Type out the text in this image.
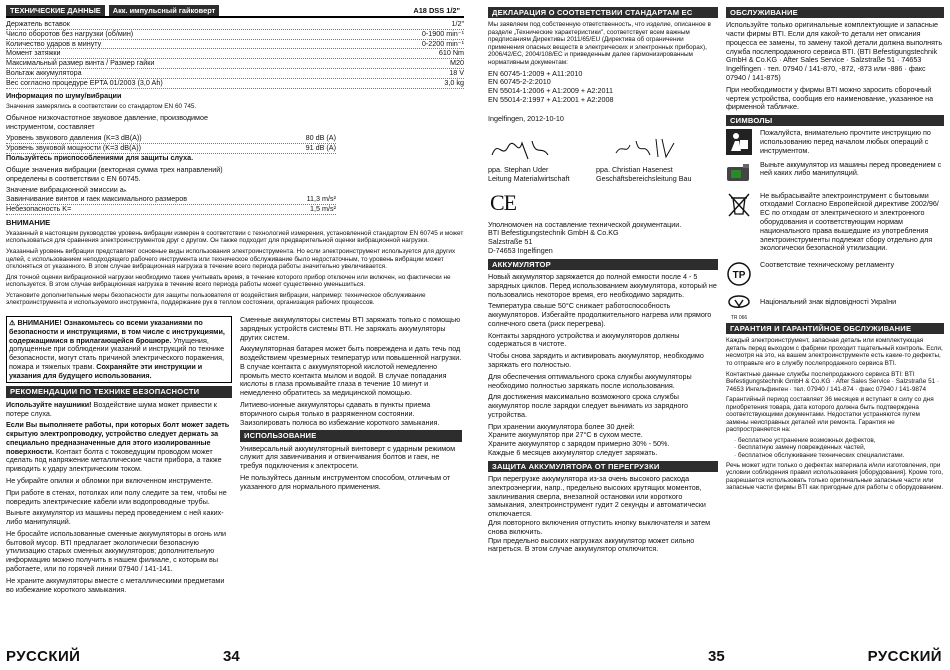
ТЕХНИЧЕСКИЕ ДАННЫЕ	Акк. импульсный гайковерт	A18 DSS 1/2"
Держатель вставок	1/2"
Число оборотов без нагрузки (об/мин)	0-1900 min⁻¹
Количество ударов в минуту	0-2200 min⁻¹
Момент затяжки	610 Nm
Максимальный размер винта / Размер гайки	M20
Вольтаж аккумулятора	18 V
Вес согласно процедуре EPTA 01/2003 (3,0 Ah)	3,0 kg
Информация по шуму/вибрации
Значения замерялись в соответствии со стандартом EN 60 745.
Обычное низкочастотное звуковое давление, производимое инструментом, составляет
Уровень звукового давления (K=3 dB(A))	80 dB (A)
Уровень звуковой мощности (K=3 dB(A))	91 dB (A)
Пользуйтесь приспособлениями для защиты слуха.
Общие значения вибрации (векторная сумма трех направлений) определены в соответствии с EN 60745.
Значение вибрационной эмиссии aₕ
Завинчивание винтов и гаек максимального размеров	11,3 m/s²
Небезопасность K=	1,5 m/s²
ВНИМАНИЕ
Указанный в настоящем руководстве уровень вибрации измерен в соответствии с технологией измерения, установленной стандартом EN 60745 и может использоваться для сравнения электроинструментов друг с другом. Он также подходит для предварительной оценки вибрационной нагрузки.
Указанный уровень вибрации представляет основные виды использования электроинструмента. Но если электроинструмент используется для других целей, с использованием неподходящего рабочего инструмента или техническое обслуживание было недостаточным, то уровень вибрации может отклоняться от указанного. В этом случае вибрационная нагрузка в течение всего периода работы значительно увеличивается.
Для точной оценки вибрационной нагрузки необходимо также учитывать время, в течение которого прибор отключен или включен, но фактически не используется. В этом случае вибрационная нагрузка в течение всего периода работы может существенно уменьшиться.
Установите дополнительные меры безопасности для защиты пользователя от воздействия вибрации, например: техническое обслуживание электроинструмента и используемого инструмента, поддержание рук в теплом состоянии, организация рабочих процессов.
⚠ ВНИМАНИЕ! Ознакомьтесь со всеми указаниями по безопасности и инструкциями, в том числе с инструкциями, содержащимися в прилагающейся брошюре. Упущения, допущенные при соблюдении указаний и инструкций по технике безопасности, могут стать причиной электрического поражения, пожара и тяжелых травм. Сохраняйте эти инструкции и указания для будущего использования.
РЕКОМЕНДАЦИИ ПО ТЕХНИКЕ БЕЗОПАСНОСТИ
Используйте наушники! Воздействие шума может привести к потере слуха.
Если Вы выполняете работы, при которых болт может задеть скрытую электропроводку, устройство следует держать за специально предназначенные для этого изолированные поверхности. Контакт болта с токоведущим проводом может сделать под напряжение металлические части прибора, а также приводить к удару электрическим током.
Не убирайте опилки и обломки при включенном инструменте.
При работе в стенах, потолках или полу следите за тем, чтобы не повредить электрические кабели или водопроводные трубы.
Выньте аккумулятор из машины перед проведением с ней каких-либо манипуляций.
Не бросайте использованные сменные аккумуляторы в огонь или бытовой мусор. BTI предлагает экологически безопасную утилизацию старых сменных аккумуляторов; дополнительную информацию можно получить в нашем филиале, с которым вы работаете, или по горячей линии 07940 / 141-141.
Не храните аккумуляторы вместе с металлическими предметами во избежание короткого замыкания.
Сменные аккумуляторы системы BTI заряжать только с помощью зарядных устройств системы BTI. Не заряжать аккумуляторы других систем.
Аккумуляторная батарея может быть повреждена и дать течь под воздействием чрезмерных температур или повышенной нагрузки. В случае контакта с аккумуляторной кислотой немедленно промыть место контакта мылом и водой. В случае попадания кислоты в глаза промывайте глаза в течение 10 минут и немедленно обратитесь за медицинской помощью.
Литиево-ионные аккумуляторы сдавать в пункты приема вторичного сырья только в разряженном состоянии. Заизолировать полюса во избежание короткого замыкания.
ИСПОЛЬЗОВАНИЕ
Универсальный аккумуляторный винтоверт с ударным режимом служит для завинчивания и отвинчивания болтов и гаек, не требуя подключения к электросети.
Не пользуйтесь данным инструментом способом, отличным от указанного для нормального применения.
РУССКИЙ	34
ДЕКЛАРАЦИЯ О СООТВЕТСТВИИ СТАНДАРТАМ ЕС
Мы заявляем под собственную ответственность, что изделие, описанное в разделе „Технические характеристики", соответствует всем важным предписаниям Директивы 2011/65/EU (Директива об ограничении применения опасных веществ в электрических и электронных приборах), 2006/42/EC, 2004/108/EC и приведенным далее гармонизированным нормативным документам:
EN 60745-1:2009 + A11:2010
EN 60745-2-2:2010
EN 55014-1:2006 + A1:2009 + A2:2011
EN 55014-2:1997 + A1:2001 + A2:2008
Ingelfingen, 2012-10-10
ppa. Stephan Uder
Leitung Materialwirtschaft
ppa. Christian Hasenest
Geschäftsbereichsleitung Bau
CE
Уполномочен на составление технической документации.
BTI Befestigungstechnik GmbH & Co.KG
Salzstraße 51
D-74653 Ingelfingen
АККУМУЛЯТОР
Новый аккумулятор заряжается до полной емкости после 4 - 5 зарядных циклов. Перед использованием аккумулятора, который не пользовались некоторое время, его необходимо зарядить.
Температура свыше 50°C снижает работоспособность аккумуляторов. Избегайте продолжительного нагрева или прямого солнечного света (риск перегрева).
Контакты зарядного устройства и аккумуляторов должны содержаться в чистоте.
Чтобы снова зарядить и активировать аккумулятор, необходимо заряжать его полностью.
Для обеспечения оптимального срока службы аккумуляторы необходимо полностью заряжать после использования.
Для достижения максимально возможного срока службы аккумулятор после зарядки следует вынимать из зарядного устройства.
При хранении аккумулятора более 30 дней:
Храните аккумулятор при 27°C в сухом месте.
Храните аккумулятор с зарядом примерно 30% - 50%.
Каждые 6 месяцев аккумулятор следует заряжать.
ЗАЩИТА АККУМУЛЯТОРА ОТ ПЕРЕГРУЗКИ
При перегрузке аккумулятора из-за очень высокого расхода электроэнергии, напр., предельно высоких крутящих моментов, заклинивания сверла, внезапной остановки или короткого замыкания, электроинструмент гудит 2 секунды и автоматически отключается.
Для повторного включения отпустить кнопку выключателя и затем снова включить.
При предельно высоких нагрузках аккумулятор может сильно нагреться. В этом случае аккумулятор отключится.
ОБСЛУЖИВАНИЕ
Используйте только оригинальные комплектующие и запасные части фирмы BTI. Если для какой-то детали нет описания процесса ее замены, то замену такой детали должна выполнять служба послепродажного сервиса BTI. (BTI Befestigungstechnik GmbH & Co.KG · After Sales Service · Salzstraße 51 · 74653 Ingelfingen · тел. 07940 / 141-870, -872, -873 или -886 · факс 07940 / 141-875)
При необходимости у фирмы BTI можно заросить сборочный чертеж устройства, сообщив его наименование, указанное на фирменной табличке.
СИМВОЛЫ
Пожалуйста, внимательно прочтите инструкцию по использованию перед началом любых операций с инструментом.
Выньте аккумулятор из машины перед проведением с ней каких либо манипуляций.
Не выбрасывайте электроинструмент с бытовыми отходами! Согласно Европейской директиве 2002/96/ЕС по отходам от электрического и электронного оборудования и соответствующим нормам национального права вышедшие из употребления электроинструменты подлежат сбору отдельно для экологически безопасной утилизации.
ТР
Соответствие техническому регламенту
TR 066
Національний знак відповідності України
ГАРАНТИЯ И ГАРАНТИЙНОЕ ОБСЛУЖИВАНИЕ
Каждый электроинструмент, запасная деталь или комплектующая деталь перед выходом с фабрики проходит тщательный контроль. Если, несмотря на это, на вашем электроинструменте есть какие-то дефекты, то отправьте его в службу послепродажного сервиса BTI.
Контактные данные службы послепродажного сервиса BTI: BTI Befestigungstechnik GmbH & Co.KG · After Sales Service · Salzstraße 51 · 74653 Ингельфинген · тел. 07940 / 141-874 · факс 07940 / 141-9874
Гарантийный период составляет 36 месяцев и вступает в силу со дня приобретения товара, дата которого должна быть подтверждена соответствующими документами. Недостатки устраняются путем замены неисправных деталей или ремонта. Гарантия не распространяется на:
· бесплатное устранение возможных дефектов,
· бесплатную замену поврежденных частей,
· бесплатное обслуживание технических специалистами.
Речь может идти только о дефектах материала и/или изготовления, при условии соблюдения правил использования [оборудования]. Кроме того, разрешается использовать только оригинальные запасные части или запасные части фирмы BTI как пригодные для работы с оборудованием.
35	РУССКИЙ
